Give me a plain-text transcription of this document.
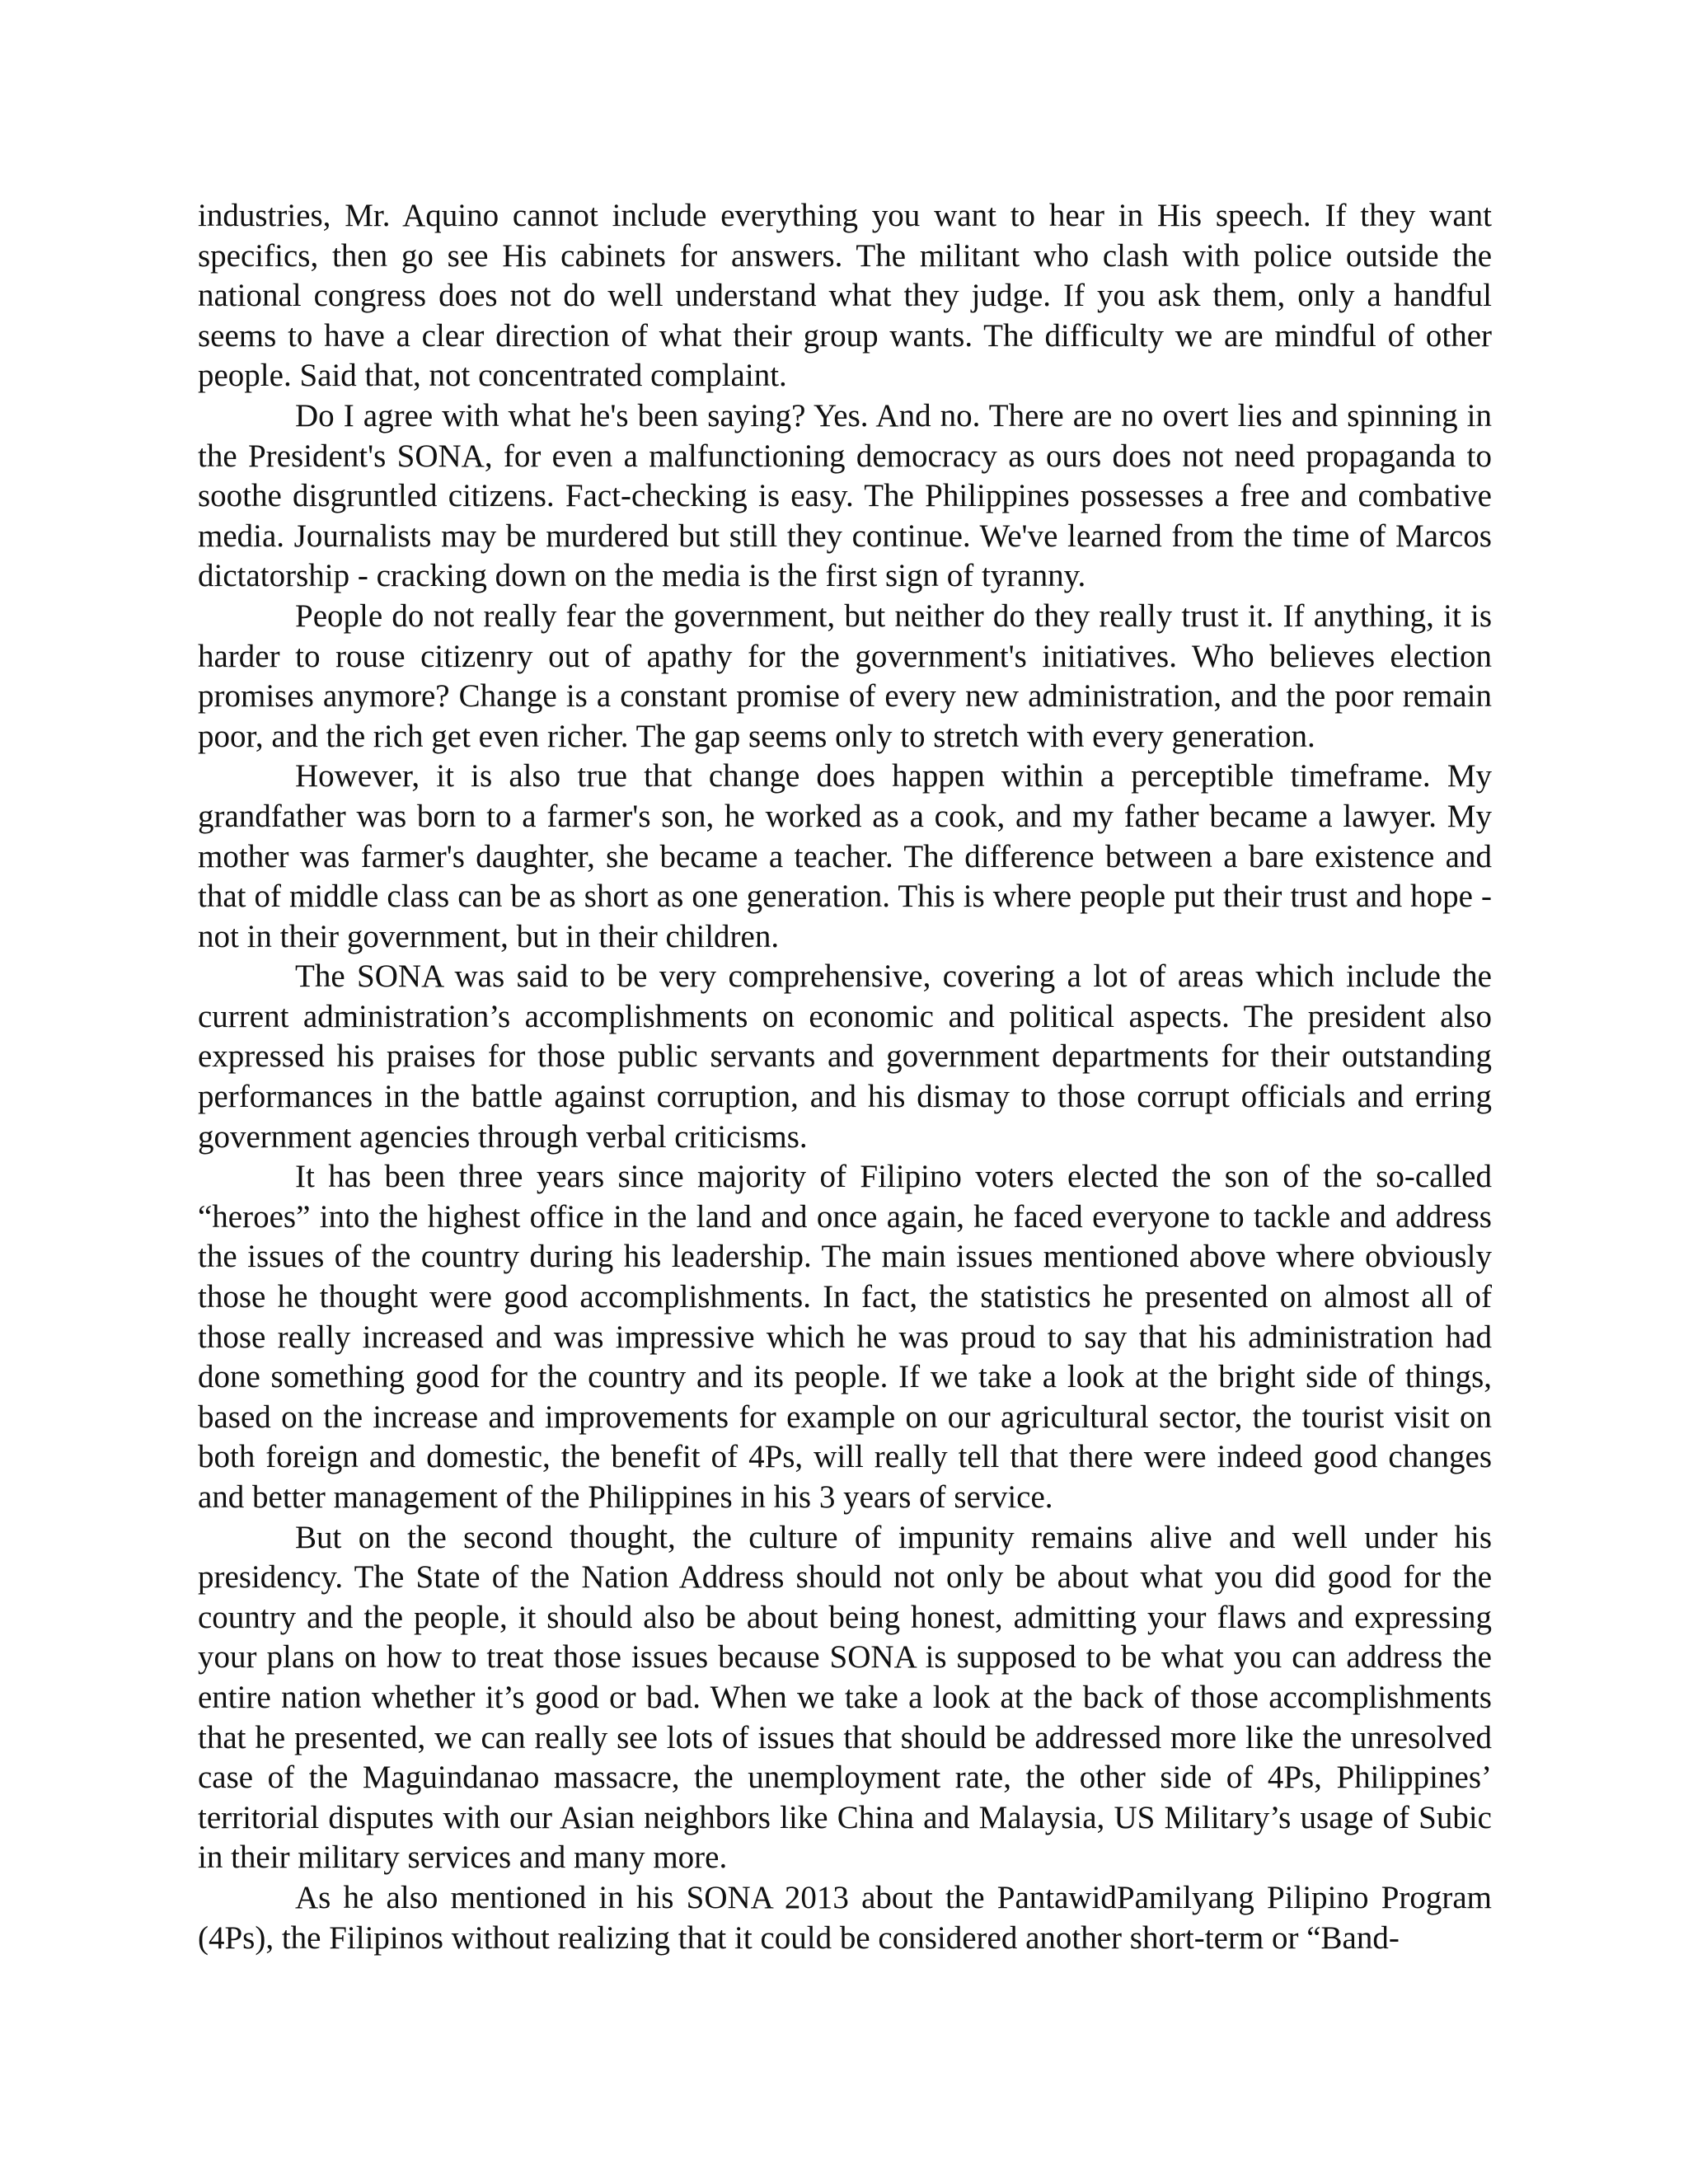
industries, Mr. Aquino cannot include everything you want to hear in His speech. If they want specifics, then go see His cabinets for answers. The militant who clash with police outside the national congress does not do well understand what they judge. If you ask them, only a handful seems to have a clear direction of what their group wants. The difficulty we are mindful of other people. Said that, not concentrated complaint.

Do I agree with what he's been saying? Yes. And no. There are no overt lies and spinning in the President's SONA, for even a malfunctioning democracy as ours does not need propaganda to soothe disgruntled citizens. Fact-checking is easy. The Philippines possesses a free and combative media. Journalists may be murdered but still they continue. We've learned from the time of Marcos dictatorship - cracking down on the media is the first sign of tyranny.

People do not really fear the government, but neither do they really trust it. If anything, it is harder to rouse citizenry out of apathy for the government's initiatives. Who believes election promises anymore? Change is a constant promise of every new administration, and the poor remain poor, and the rich get even richer. The gap seems only to stretch with every generation.

However, it is also true that change does happen within a perceptible timeframe. My grandfather was born to a farmer's son, he worked as a cook, and my father became a lawyer. My mother was farmer's daughter, she became a teacher. The difference between a bare existence and that of middle class can be as short as one generation. This is where people put their trust and hope - not in their government, but in their children.

The SONA was said to be very comprehensive, covering a lot of areas which include the current administration’s accomplishments on economic and political aspects. The president also expressed his praises for those public servants and government departments for their outstanding performances in the battle against corruption, and his dismay to those corrupt officials and erring government agencies through verbal criticisms.

It has been three years since majority of Filipino voters elected the son of the so-called “heroes” into the highest office in the land and once again, he faced everyone to tackle and address the issues of the country during his leadership. The main issues mentioned above where obviously those he thought were good accomplishments. In fact, the statistics he presented on almost all of those really increased and was impressive which he was proud to say that his administration had done something good for the country and its people. If we take a look at the bright side of things, based on the increase and improvements for example on our agricultural sector, the tourist visit on both foreign and domestic, the benefit of 4Ps, will really tell that there were indeed good changes and better management of the Philippines in his 3 years of service.

But on the second thought, the culture of impunity remains alive and well under his presidency. The State of the Nation Address should not only be about what you did good for the country and the people, it should also be about being honest, admitting your flaws and expressing your plans on how to treat those issues because SONA is supposed to be what you can address the entire nation whether it’s good or bad. When we take a look at the back of those accomplishments that he presented, we can really see lots of issues that should be addressed more like the unresolved case of the Maguindanao massacre, the unemployment rate, the other side of 4Ps, Philippines’ territorial disputes with our Asian neighbors like China and Malaysia, US Military’s usage of Subic in their military services and many more.

As he also mentioned in his SONA 2013 about the PantawidPamilyang Pilipino Program (4Ps), the Filipinos without realizing that it could be considered another short-term or “Band-
